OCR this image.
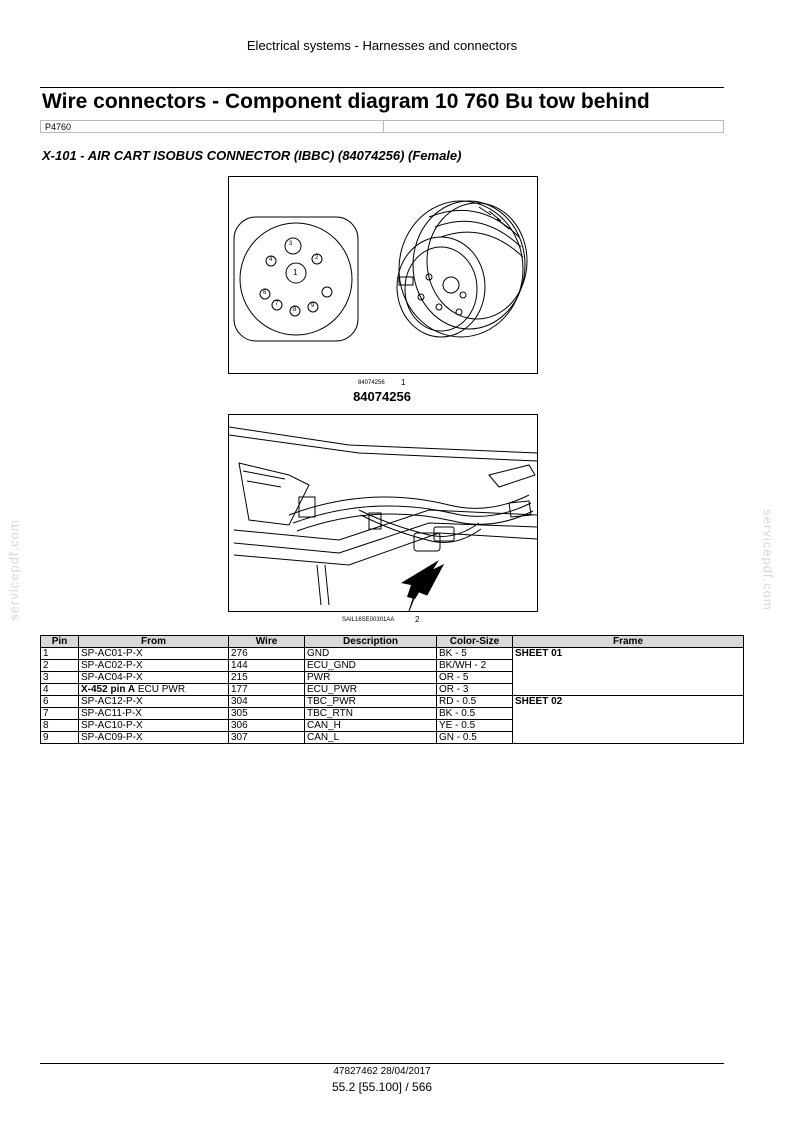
Electrical systems - Harnesses and connectors
Wire connectors - Component diagram 10 760 Bu tow behind
P4760
X-101 - AIR CART ISOBUS CONNECTOR (IBBC) (84074256) (Female)
3
4	2
1
6
7
8
9
84074256 1
84074256
SAIL16SE00301AA	2
servicepdf.com	servicepdf.com
Pin	From	Wire	Description	Color-Size	Frame
1	SP-AC01-P-X	276	GND	BK - 5	SHEET 01
2	SP-AC02-P-X	144	ECU_GND	BK/WH - 2	
3	SP-AC04-P-X	215	PWR	OR - 5	
4	X-452 pin A ECU PWR	177	ECU_PWR	OR - 3	
6	SP-AC12-P-X	304	TBC_PWR	RD - 0.5	SHEET 02
7	SP-AC11-P-X	305	TBC_RTN	BK - 0.5	
8	SP-AC10-P-X	306	CAN_H	YE - 0.5	
9	SP-AC09-P-X	307	CAN_L	GN - 0.5	
47827462 28/04/2017
55.2 [55.100] / 566
